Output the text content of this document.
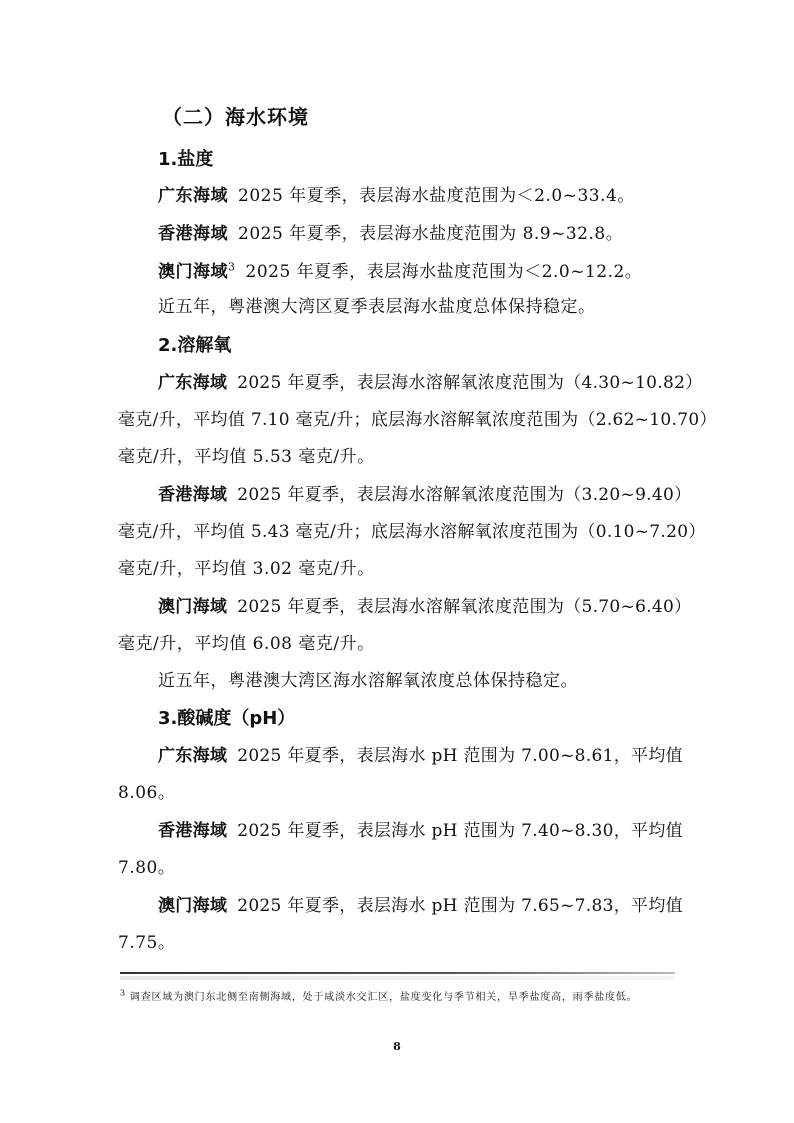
（二）海水环境
1.盐度
广东海域 2025 年夏季，表层海水盐度范围为＜2.0~33.4。
香港海域 2025 年夏季，表层海水盐度范围为 8.9~32.8。
澳门海域$^3$ 2025 年夏季，表层海水盐度范围为＜2.0~12.2。
近五年，粤港澳大湾区夏季表层海水盐度总体保持稳定。
2.溶解氧
广东海域 2025 年夏季，表层海水溶解氧浓度范围为（4.30~10.82）
毫克/升，平均值 7.10 毫克/升；底层海水溶解氧浓度范围为（2.62~10.70）
毫克/升，平均值 5.53 毫克/升。
香港海域 2025 年夏季，表层海水溶解氧浓度范围为（3.20~9.40）
毫克/升，平均值 5.43 毫克/升；底层海水溶解氧浓度范围为（0.10~7.20）
毫克/升，平均值 3.02 毫克/升。
澳门海域 2025 年夏季，表层海水溶解氧浓度范围为（5.70~6.40）
毫克/升，平均值 6.08 毫克/升。
近五年，粤港澳大湾区海水溶解氧浓度总体保持稳定。
3.酸碱度（pH）
广东海域 2025 年夏季，表层海水 pH 范围为 7.00~8.61，平均值
8.06。
香港海域 2025 年夏季，表层海水 pH 范围为 7.40~8.30，平均值
7.80。
澳门海域 2025 年夏季，表层海水 pH 范围为 7.65~7.83，平均值
7.75。
$^3$ 调查区域为澳门东北侧至南侧海域，处于咸淡水交汇区，盐度变化与季节相关，旱季盐度高，雨季盐度低。
8
